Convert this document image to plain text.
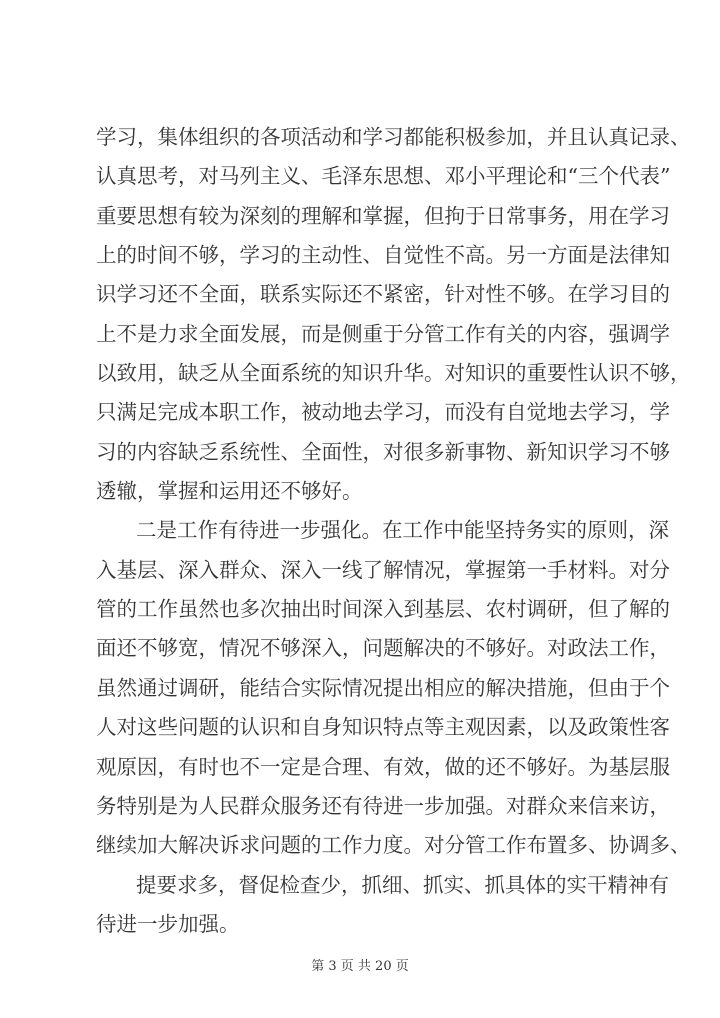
学习，集体组织的各项活动和学习都能积极参加，并且认真记录、
认真思考，对马列主义、毛泽东思想、邓小平理论和“三个代表”
重要思想有较为深刻的理解和掌握，但拘于日常事务，用在学习
上的时间不够，学习的主动性、自觉性不高。另一方面是法律知
识学习还不全面，联系实际还不紧密，针对性不够。在学习目的
上不是力求全面发展，而是侧重于分管工作有关的内容，强调学
以致用，缺乏从全面系统的知识升华。对知识的重要性认识不够，
只满足完成本职工作，被动地去学习，而没有自觉地去学习，学
习的内容缺乏系统性、全面性，对很多新事物、新知识学习不够
透辙，掌握和运用还不够好。
二是工作有待进一步强化。在工作中能坚持务实的原则，深
入基层、深入群众、深入一线了解情况，掌握第一手材料。对分
管的工作虽然也多次抽出时间深入到基层、农村调研，但了解的
面还不够宽，情况不够深入，问题解决的不够好。对政法工作，
虽然通过调研，能结合实际情况提出相应的解决措施，但由于个
人对这些问题的认识和自身知识特点等主观因素，以及政策性客
观原因，有时也不一定是合理、有效，做的还不够好。为基层服
务特别是为人民群众服务还有待进一步加强。对群众来信来访，
继续加大解决诉求问题的工作力度。对分管工作布置多、协调多、
提要求多，督促检查少，抓细、抓实、抓具体的实干精神有
待进一步加强。
第 3 页 共 20 页
